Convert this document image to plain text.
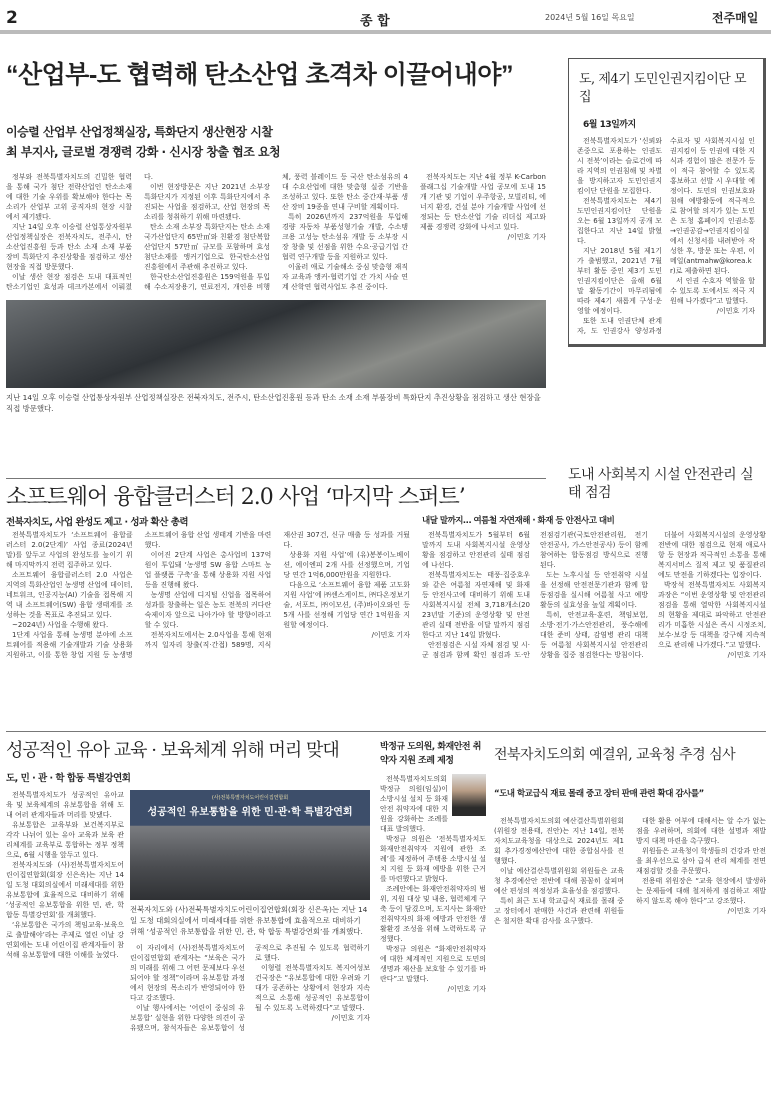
2	종 합	2024년 5월 16일 목요일	전주매일
“산업부-도 협력해 탄소산업 초격차 이끌어내야”
이승렬 산업부 산업정책실장, 특화단지 생산현장 시찰
최 부지사, 글로벌 경쟁력 강화 · 신시장 창출 협조 요청

정부와 전북특별자치도의 긴밀한 협력을 통해 국가 첨단 전략산업인 탄소소재에 대한 기술 우위를 확보해야 한다는 목소리가 산업부 고위 공직자의 현장 시찰에서 제기됐다.

지난 14일 오후 이승렬 산업통상자원부 산업정책실장은 전북자치도, 전주시, 탄소산업진흥원 등과 탄소 소재 소재 부품장비 특화단지 추진상황을 점검하고 생산 현장을 직접 방문했다.

이날 생산 현장 점검은 도내 대표적인 탄소기업인 효성과 데크카본에서 이뤄졌다.

이번 현장방문은 지난 2021년 소부장 특화단지가 지정된 이후 특화단지에서 추진되는 사업을 점검하고, 산업 현장의 목소리를 청취하기 위해 마련됐다.

탄소 소재 소부장 특화단지는 탄소 소재 국가산업단지 65만㎡와 친환경 첨단복합산업단지 57만㎡ 규모를 포함하며 효성첨단소재를 앵커기업으로 한국탄소산업진흥원에서 주관해 추진하고 있다.

한국탄소산업진흥원은 159억원을 투입해 수소저장용기, 연료전지, 개인용 비행체, 풍력 블레이드 등 국산 탄소섬유의 4대 수요산업에 대한 맞춤형 실증 기반을 조성하고 있다. 또한 탄소 중간재·부품 생산 장비 19종을 연내 구비할 계획이다.

특히 2026년까지 237억원을 투입해 경량 자동차 부품성형기술 개발, 수소탱크용 고성능 탄소섬유 개발 등 소부장 시장 창출 및 선점을 위한 수요·공급기업 간 협력 연구개발 등을 지원하고 있다.

이울러 애로 기술해소 중심 맞춤형 재직자 교육과 앵커-협력기업 간 가치 사슬 연계 산학연 협력사업도 추진 중이다.

전북자치도는 지난 4월 정부 K-Carbon 플래그십 기술개발 사업 공모에 도내 15개 기관 및 기업이 우주항공, 모빌리티, 에너지 환경, 건설 분야 기술개발 사업에 선정되는 등 탄소산업 기술 리더십 제고와 제품 경쟁력 강화에 나서고 있다.

/이민호 기자
지난 14일 오후 이승렬 산업통상자원부 산업정책실장은 전북자치도, 전주시, 탄소산업진흥원 등과 탄소 소재 소재 부품장비 특화단지 추진상황을 점검하고 생산 현장을 직접 방문했다.
도, 제4기 도민인권지킴이단 모집
6월 13일까지

전북특별자치도가 ‘신뢰와 존중으로 포용하는 인권도시 전북’이라는 슬로건에 따라 지역의 인권침해 및 차별을 방지하고자 도민인권지킴이단 단원을 모집한다.

전북특별자치도는 제4기 도민인권지킴이단 단원을 오는 6월 13일까지 공개 모집한다고 지난 14일 밝혔다.

지난 2018년 5월 제1기가 출범했고, 2021년 7월부터 활동 중인 제3기 도민인권지킴이단은 올해 6월 말 활동기간이 마무리됨에 따라 제4기 새롭게 구성·운영할 예정이다.

또한 도내 인권단체 관계자, 도 인권강사 양성과정 수료자 및 사회복지시설 인권지킴이 등 인권에 대한 지식과 경험이 많은 전문가 등이 적극 참여할 수 있도록 홍보하고 선발 시 우대할 예정이다. 도민의 인권보호와 침해 예방활동에 적극적으로 참여할 의지가 있는 도민은 도청 홈페이지 인권소통→인권공감→인권지킴이실에서 신청서를 내려받아 작성한 후, 방문 또는 우편, 이메일(antmahw@korea.kr)로 제출하면 된다.

서 인권 수호자 역할을 할 수 있도록 도에서도 적극 지원해 나가겠다”고 말했다.

/이민호 기자
소프트웨어 융합클러스터 2.0 사업 ‘마지막 스퍼트’
전북자치도, 사업 완성도 제고 · 성과 확산 총력

전북특별자치도가 ‘소프트웨어 융합클러스터 2.0(2단계)’ 사업 종료(2024년 말)를 앞두고 사업의 완성도를 높이기 위해 마지막까지 전력 집주하고 있다.

소프트웨어 융합클러스터 2.0 사업은 지역의 특화산업인 농생명 산업에 데이터, 네트워크, 인공지능(AI) 기술을 접목해 지역 내 소프트웨어(SW) 융합 생태계를 조성하는 것을 목표로 추진되고 있다.

~2024년) 사업을 수행해 왔다.

1단계 사업을 통해 농생명 분야에 소프트웨어를 적용해 기술개발과 기술 상용화 지원하고, 이를 통한 창업 지원 등 농생명 소프트웨어 융합 산업 생태계 기반을 마련했다.

이어진 2단계 사업은 총사업비 137억원이 투입돼 ‘농생명 SW 융합 스마트 농업 플랫폼 구축’을 통해 상용화 지원 사업 등을 진행해 왔다.

농생명 산업에 디지털 신업을 접목하여 성과를 창출하는 일은 농도 전북의 커다란 숙제이자 앞으로 나아가야 할 방향이라고 할 수 있다.

전북자치도에서는 2.0사업을 통해 현재까지 일자리 창출(직·간접) 589명, 지식재산권 307건, 신규 매출 등 성과를 거뒀다.

상용화 지원 사업’에 (유)봉봉이노베이션, 에이엔피 2개 사를 선정했으며, 기업당 연간 1억6,000만원을 지원한다.

다음으로 ‘소프트웨어 융합 제품 고도화 지원 사업’에 ㈜센스게이트, ㈜다온정보기술, 서포트, ㈜이모션, (주)바이오와인 등 5개 사를 선정해 기업당 연간 1억원을 지원할 예정이다.

/이민호 기자
도내 사회복지 시설 안전관리 실태 점검
내달 말까지… 여름철 자연재해 · 화재 등 안전사고 대비

전북특별자치도가 5월부터 6월 말까지 도내 사회복지시설 운영상황을 점검하고 안전관리 실태 점검에 나선다.

전북특별자치도는 태풍·집중호우와 같은 여름철 자연재해 및 화재 등 안전사고에 대비하기 위해 도내 사회복지시설 전체 3,718개소(2023년말 기준)의 운영상황 및 안전관리 실태 전반을 이달 말까지 점검한다고 지난 14일 밝혔다.

안전점검은 시설 자체 점검 및 시·군 점검과 함께 확인 점검과 도·안전점검기관(국토안전관리원, 전기안전공사, 가스안전공사) 등이 함께 참여하는 합동점검 방식으로 진행된다.

도는 노후시설 등 안전취약 시설을 선정해 안전전문기관과 함께 합동점검을 실시해 여름철 사고 예방활동의 실효성을 높일 계획이다.

특히, 안전교육·훈련, 책임보험, 소방·전기·가스안전관리, 풍수해에 대한 준비 상태, 감염병 관리 대책 등 여름철 사회복지시설 안전관리 상황을 집중 점검한다는 방침이다.

더불어 사회복지시설의 운영상황 전반에 대한 점검으로 현재 애로사항 등 현장과 적극적인 소통을 통해 복지서비스 질적 제고 및 품질관리에도 만전을 기하겠다는 입장이다.

박장석 전북특별자치도 사회복지과장은 “이번 운영상황 및 안전관리 점검을 통해 열악한 사회복지시설의 현황을 제대로 파악하고 안전관리가 미흡한 시설은 즉시 시정조치, 보수·보강 등 대책을 강구해 지속적으로 관리해 나가겠다.”고 말했다.

/이민호 기자
성공적인 유아 교육 · 보육체계 위해 머리 맞대
도, 민 · 관 · 학 합동 특별강연회

전북특별자치도가 성공적인 유아교육 및 보육체계의 유보통합을 위해 도내 여러 관계자들과 머리를 맞댔다.

유보통합은 교육부와 보건복지부로 각각 나뉘어 있는 유아 교육과 보육 관리체계를 교육부로 통합하는 정부 정책으로, 6월 시행을 앞두고 있다.

전북자치도와 (사)전북특별자치도어린이집연합회(회장 신은옥)는 지난 14일 도청 대회의실에서 미래세대를 위한 유보통합에 효율적으로 대비하기 위해 ‘성공적인 유보통합을 위한 민, 관, 학 합동 특별강연회’를 개최했다.

‘유보통합은 국가의 책임교육·보육으로 출발해야’라는 주제로 열린 이날 강연회에는 도내 어린이집 관계자들이 참석해 유보통합에 대한 이해를 높였다.

(사)전북특별자치도어린이집연합회
성공적인 유보통합을 위한 민·관·학 특별강연회
전북자치도와 (사)전북특별자치도어린이집연합회(회장 신은옥)는 지난 14일 도청 대회의실에서 미래세대를 위한 유보통합에 효율적으로 대비하기 위해 ‘성공적인 유보통합을 위한 민, 관, 학 합동 특별강연회’를 개최했다.

이 자리에서 (사)전북특별자치도어린이집연합회 관계자는 “보육은 국가의 미래를 위해 그 어떤 문제보다 우선되어야 할 정책”이라며 유보통합 과정에서 현장의 목소리가 반영되어야 한다고 강조했다.

이날 행사에서는 ‘어린이 중심의 유보통합’ 실현을 위한 다양한 의견이 공유됐으며, 참석자들은 유보통합이 성공적으로 추진될 수 있도록 협력하기로 했다.

이형렬 전북특별자치도 복지여성보건국장은 “유보통합에 대한 우려와 기대가 공존하는 상황에서 현장과 지속적으로 소통해 성공적인 유보통합이 될 수 있도록 노력하겠다”고 말했다.

/이민호 기자
박정규 도의원, 화재안전 취약자 지원 조례 제정

전북특별자치도의회 박정규 의원(임실)이 소방시설 설치 등 화재안전 취약자에 대한 지원을 강화하는 조례를 대표 발의했다.

박정규 의원은 ‘전북특별자치도 화재안전취약자 지원에 관한 조례’를 제정하여 주택용 소방시설 설치 지원 등 화재 예방을 위한 근거를 마련했다고 밝혔다.

조례안에는 화재안전취약자의 범위, 지원 대상 및 내용, 협력체계 구축 등이 담겼으며, 도지사는 화재안전취약자의 화재 예방과 안전한 생활환경 조성을 위해 노력하도록 규정했다.

박정규 의원은 “화재안전취약자에 대한 체계적인 지원으로 도민의 생명과 재산을 보호할 수 있기를 바란다”고 말했다.

/이민호 기자
전북자치도의회 예결위, 교육청 추경 심사
“도내 학교급식 재료 몰래 중고 장터 판매 관련 확대 감사를”

전북특별자치도의회 예산결산특별위원회(위원장 전용태, 진안)는 지난 14일, 전북자치도교육청을 대상으로 2024년도 제1회 추가경정예산안에 대한 종합심사를 진행했다.

이날 예산결산특별위원회 위원들은 교육청 추경예산안 전반에 대해 꼼꼼히 살피며 예산 편성의 적정성과 효율성을 점검했다.

특히 최근 도내 학교급식 재료를 몰래 중고 장터에서 판매한 사건과 관련해 위원들은 철저한 확대 감사를 요구했다.

대한 활용 여부에 대해서는 알 수가 없는 점을 우려하며, 의회에 대한 설명과 재발 방지 대책 마련을 촉구했다.

위원들은 교육청이 학생들의 건강과 안전을 최우선으로 삼아 급식 관리 체계를 전면 재점검할 것을 주문했다.

전용태 위원장은 “교육 현장에서 발생하는 문제들에 대해 철저하게 점검하고 재발하지 않도록 해야 한다”고 강조했다.

/이민호 기자
